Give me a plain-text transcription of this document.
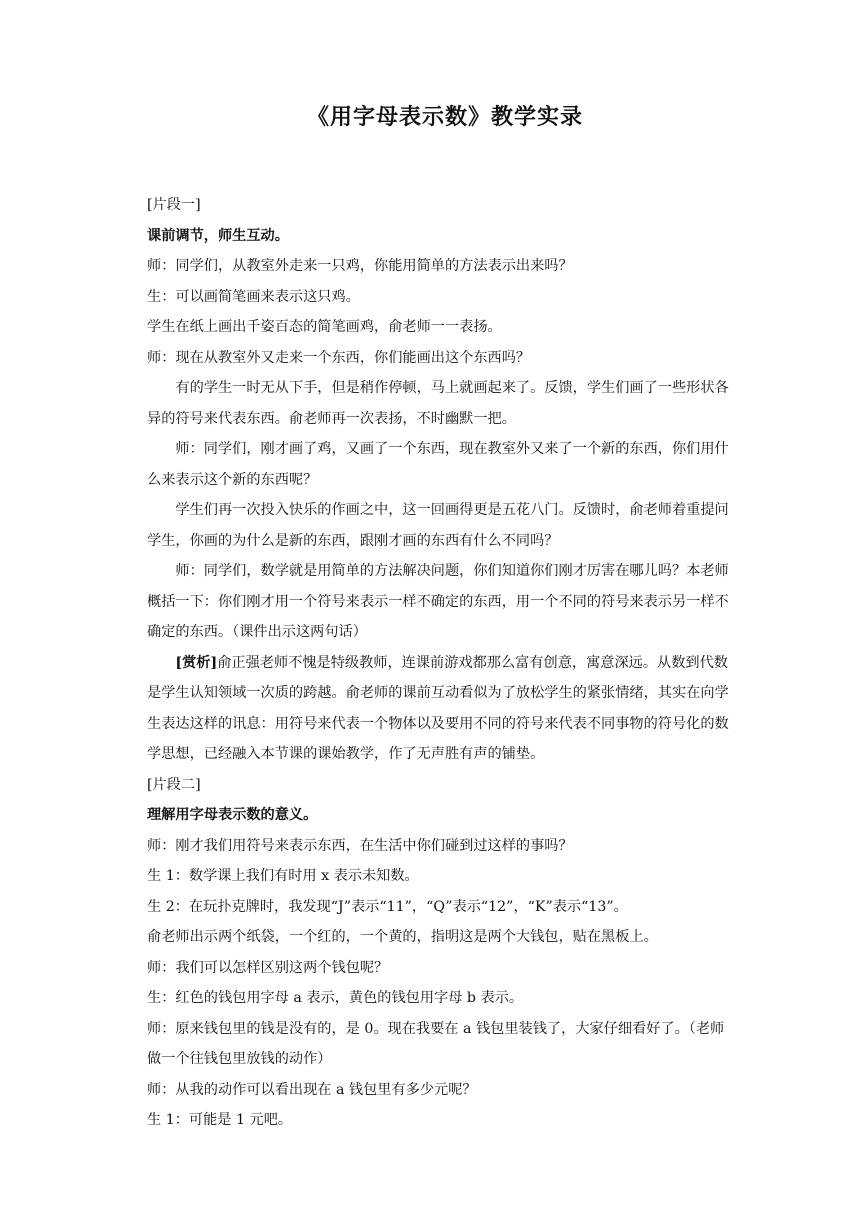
《用字母表示数》教学实录

[片段一]

课前调节，师生互动。

师：同学们，从教室外走来一只鸡，你能用简单的方法表示出来吗？

生：可以画简笔画来表示这只鸡。

学生在纸上画出千姿百态的简笔画鸡，俞老师一一表扬。

师：现在从教室外又走来一个东西，你们能画出这个东西吗？

有的学生一时无从下手，但是稍作停顿，马上就画起来了。反馈，学生们画了一些形状各异的符号来代表东西。俞老师再一次表扬，不时幽默一把。

师：同学们，刚才画了鸡，又画了一个东西，现在教室外又来了一个新的东西，你们用什么来表示这个新的东西呢？

学生们再一次投入快乐的作画之中，这一回画得更是五花八门。反馈时，俞老师着重提问学生，你画的为什么是新的东西，跟刚才画的东西有什么不同吗？

师：同学们，数学就是用简单的方法解决问题，你们知道你们刚才厉害在哪儿吗？本老师概括一下：你们刚才用一个符号来表示一样不确定的东西，用一个不同的符号来表示另一样不确定的东西。（课件出示这两句话）

[赏析]俞正强老师不愧是特级教师，连课前游戏都那么富有创意，寓意深远。从数到代数是学生认知领域一次质的跨越。俞老师的课前互动看似为了放松学生的紧张情绪，其实在向学生表达这样的讯息：用符号来代表一个物体以及要用不同的符号来代表不同事物的符号化的数学思想，已经融入本节课的课始教学，作了无声胜有声的铺垫。

[片段二]

理解用字母表示数的意义。

师：刚才我们用符号来表示东西，在生活中你们碰到过这样的事吗？

生 1：数学课上我们有时用 x 表示未知数。

生 2：在玩扑克牌时，我发现“J”表示“11”，“Q”表示“12”，“K”表示“13”。

俞老师出示两个纸袋，一个红的，一个黄的，指明这是两个大钱包，贴在黑板上。

师：我们可以怎样区别这两个钱包呢？

生：红色的钱包用字母 a 表示，黄色的钱包用字母 b 表示。

师：原来钱包里的钱是没有的，是 0。现在我要在 a 钱包里装钱了，大家仔细看好了。（老师做一个往钱包里放钱的动作）

师：从我的动作可以看出现在 a 钱包里有多少元呢？

生 1：可能是 1 元吧。
